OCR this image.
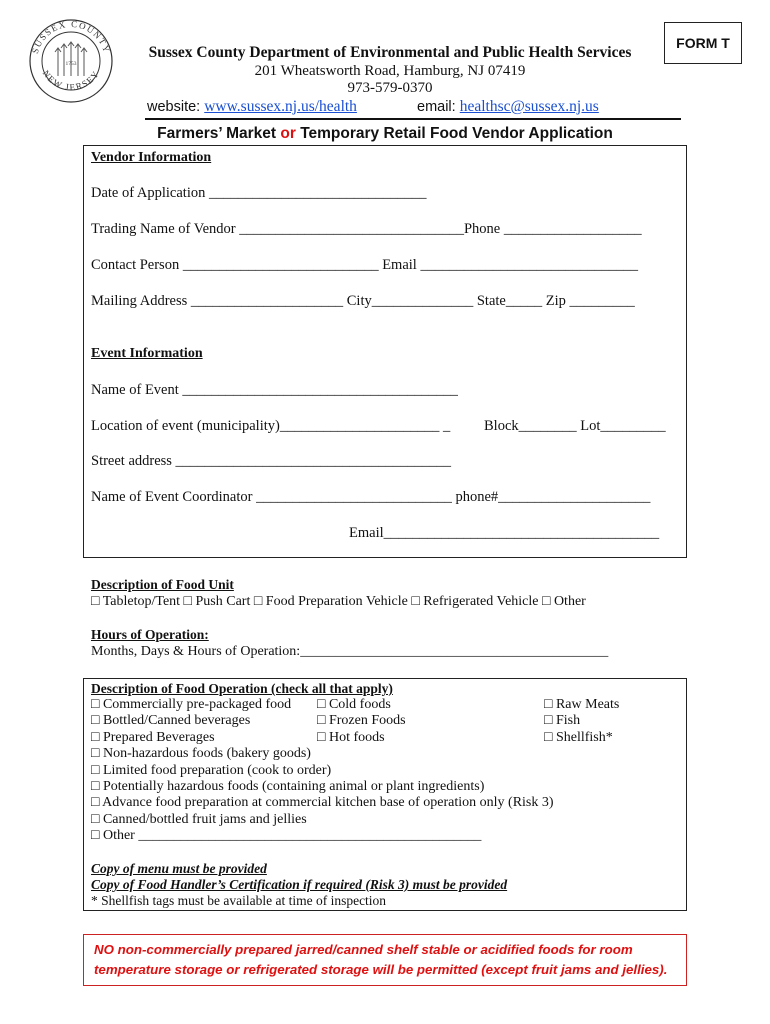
SUSSEX COUNTY
NEW JERSEY
1753
FORM T
Sussex County Department of Environmental and Public Health Services
201 Wheatsworth Road, Hamburg, NJ 07419
973-579-0370
website: www.sussex.nj.us/health	email: healthsc@sussex.nj.us
Farmers’ Market or Temporary Retail Food Vendor Application
Vendor Information
Date of Application ______________________________
Trading Name of Vendor _______________________________Phone ___________________
Contact Person ___________________________ Email ______________________________
Mailing Address _____________________ City______________ State_____ Zip _________
Event Information
Name of Event ______________________________________
Location of event (municipality)______________________ _ Block________ Lot_________
Street address ______________________________________
Name of Event Coordinator ___________________________ phone#_____________________
Email______________________________________
Description of Food Unit
□ Tabletop/Tent □ Push Cart □ Food Preparation Vehicle □ Refrigerated Vehicle □ Other
Hours of Operation:
Months, Days & Hours of Operation:____________________________________________
Description of Food Operation (check all that apply)
□ Commercially pre-packaged food
□ Bottled/Canned beverages
□ Prepared Beverages
□ Cold foods
□ Frozen Foods
□ Hot foods
□ Raw Meats
□ Fish
□ Shellfish*
□ Non-hazardous foods (bakery goods)
□ Limited food preparation (cook to order)
□ Potentially hazardous foods (containing animal or plant ingredients)
□ Advance food preparation at commercial kitchen base of operation only (Risk 3)
□ Canned/bottled fruit jams and jellies
□ Other _________________________________________________
Copy of menu must be provided
Copy of Food Handler’s Certification if required (Risk 3) must be provided
* Shellfish tags must be available at time of inspection
NO non-commercially prepared jarred/canned shelf stable or acidified foods for room
temperature storage or refrigerated storage will be permitted (except fruit jams and jellies).
